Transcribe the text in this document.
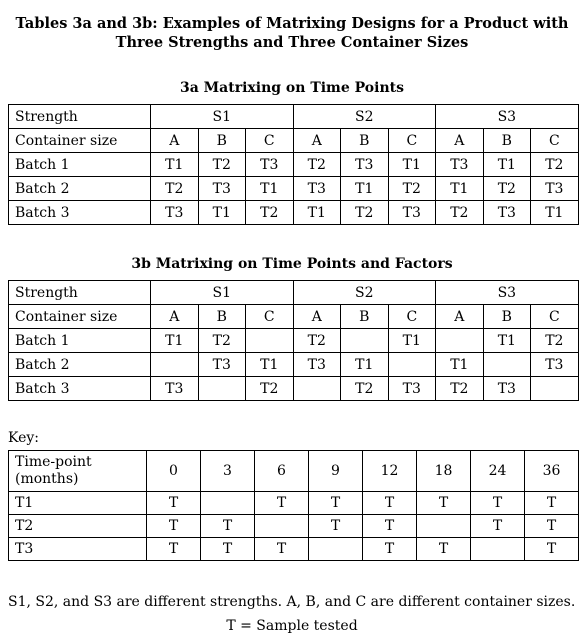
Tables 3a and 3b: Examples of Matrixing Designs for a Product with Three Strengths and Three Container Sizes
3a Matrixing on Time Points
Strength	S1			S2			S3		
Container size	A	B	C	A	B	C	A	B	C
Batch 1	T1	T2	T3	T2	T3	T1	T3	T1	T2
Batch 2	T2	T3	T1	T3	T1	T2	T1	T2	T3
Batch 3	T3	T1	T2	T1	T2	T3	T2	T3	T1
3b Matrixing on Time Points and Factors
Strength	S1			S2			S3		
Container size	A	B	C	A	B	C	A	B	C
Batch 1	T1	T2		T2		T1		T1	T2
Batch 2		T3	T1	T3	T1		T1		T3
Batch 3	T3		T2		T2	T3	T2	T3	
Key:
Time-point (months)	0	3	6	9	12	18	24	36
T1	T		T	T	T	T	T	T
T2	T	T		T	T		T	T
T3	T	T	T		T	T		T
S1, S2, and S3 are different strengths. A, B, and C are different container sizes.
T = Sample tested
